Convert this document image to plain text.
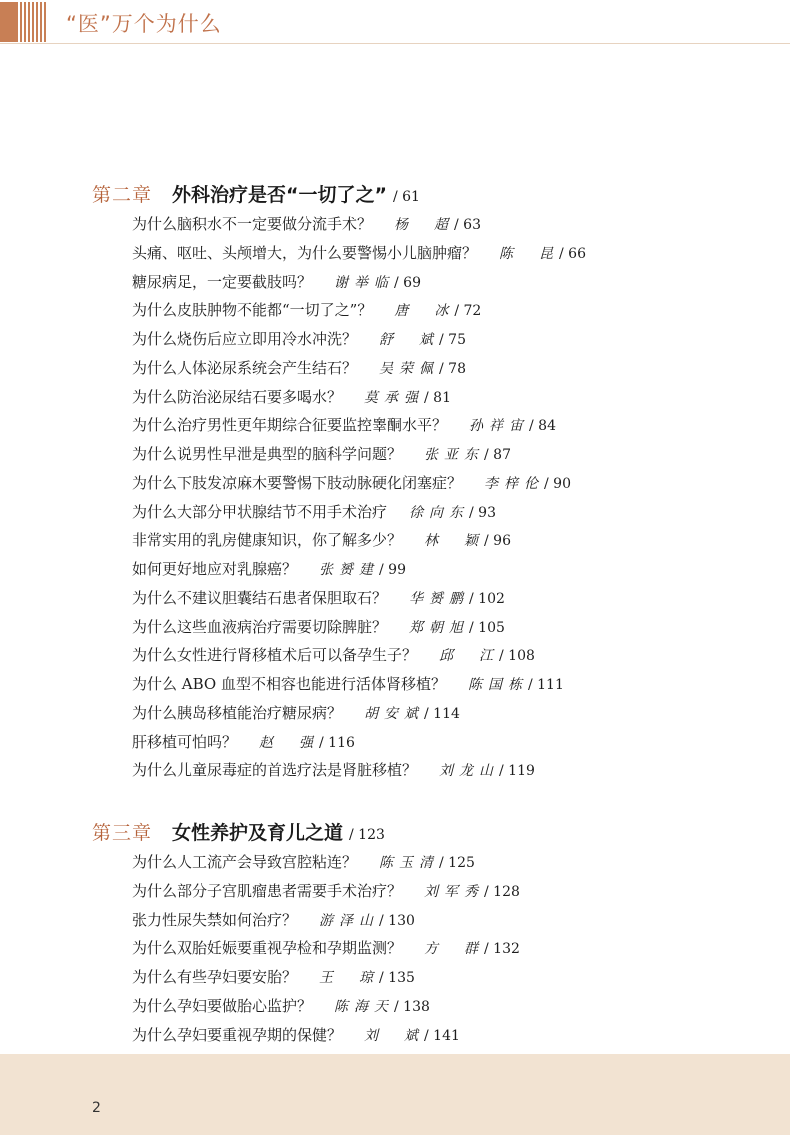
“医”万个为什么
第二章 外科治疗是否“一切了之” / 61
为什么脑积水不一定要做分流手术？ 杨　超/ 63
头痛、呕吐、头颅增大，为什么要警惕小儿脑肿瘤？ 陈　昆/ 66
糖尿病足，一定要截肢吗？ 谢举临/ 69
为什么皮肤肿物不能都“一切了之”？ 唐　冰/ 72
为什么烧伤后应立即用冷水冲洗？ 舒　斌/ 75
为什么人体泌尿系统会产生结石？ 吴荣佩/ 78
为什么防治泌尿结石要多喝水？ 莫承强/ 81
为什么治疗男性更年期综合征要监控睾酮水平？ 孙祥宙/ 84
为什么说男性早泄是典型的脑科学问题？ 张亚东/ 87
为什么下肢发凉麻木要警惕下肢动脉硬化闭塞症？ 李梓伦/ 90
为什么大部分甲状腺结节不用手术治疗 徐向东/ 93
非常实用的乳房健康知识，你了解多少？ 林　颖/ 96
如何更好地应对乳腺癌？ 张赟建/ 99
为什么不建议胆囊结石患者保胆取石？ 华赟鹏/ 102
为什么这些血液病治疗需要切除脾脏？ 郑朝旭/ 105
为什么女性进行肾移植术后可以备孕生子？ 邱　江/ 108
为什么 ABO 血型不相容也能进行活体肾移植？ 陈国栋/ 111
为什么胰岛移植能治疗糖尿病？ 胡安斌/ 114
肝移植可怕吗？ 赵　强/ 116
为什么儿童尿毒症的首选疗法是肾脏移植？ 刘龙山/ 119
第三章 女性养护及育儿之道 / 123
为什么人工流产会导致宫腔粘连？ 陈玉清/ 125
为什么部分子宫肌瘤患者需要手术治疗？ 刘军秀/ 128
张力性尿失禁如何治疗？ 游泽山/ 130
为什么双胎妊娠要重视孕检和孕期监测？ 方　群/ 132
为什么有些孕妇要安胎？ 王　琼/ 135
为什么孕妇要做胎心监护？ 陈海天/ 138
为什么孕妇要重视孕期的保健？ 刘　斌/ 141
2
